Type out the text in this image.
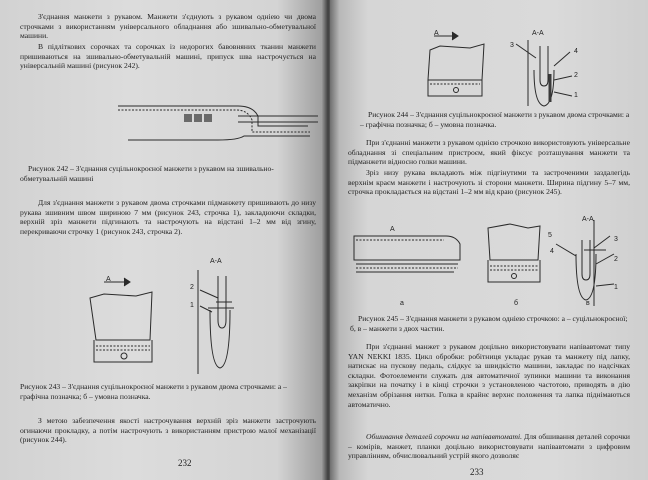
З'єднання манжети з рукавом. Манжети з'єднують з рукавом одніею чи двома строчками з використанням універсального обладнання або зшивально-обметувальної машини.
В підліткових сорочках та сорочках із недорогих бавовняних тканин манжети пришиваються на зшивально-обметувальній машині, припуск шва настрочується на універсальній машині (рисунок 242).
Рисунок 242 – З'єднання суцільнокроєної манжети з рукавом на зшивально-обметувальній машині
Для з'єднання манжети з рукавом двома строчками підманжету пришивають до низу рукава зшивним швом шириною 7 мм (рисунок 243, строчка 1), закладюючи складки, верхній зріз манжети підгинають та настрочують на відстані 1–2 мм від згину, перекриваючи строчку 1 (рисунок 243, строчка 2).
A
A-A
2
1
Рисунок 243 – З'єднання суцільнокроєної манжети з рукавом двома строчками: а – графічна позначка; б – умовна позначка.
З метою забезпечення якості настрочування верхній зріз манжети застрочують огинаючи прокладку, а потім настрочують з використанням пристрою малої механізації (рисунок 244).
232
A	A-A
3
4
2
1
Рисунок 244 – З'єднання суцільнокроєної манжети з рукавом двома строчками: а – графічна позначка; б – умовна позначка.
При з'єднанні манжети з рукавом однією строчкою використовують універсальне обладнання зі спеціальним пристроєм, який фіксує розташування манжети та підманжети відносно голки машини.
Зріз низу рукава вкладають між підгінутими та застроченими заздалегідь верхнім краєм манжети і настрочують зі сторони манжети. Ширина підгину 5–7 мм, строчка прокладається на відстані 1–2 мм від краю (рисунок 245).
A
A-A
5
4
3
2
1
а	б	в
Рисунок 245 – З'єднання манжети з рукавом одніею строчкою: а – суцільнокроєної; б, в – манжети з двох частин.
При з'єднанні манжет з рукавом доцільно використовувати напівавтомат типу YAN NEKKI 1835. Цикл обробки: робітниця укладає рукав та манжету під лапку, натискає на пускову педаль, слідкує за швидкістю машини, закладає по надсічках складки. Фотоелементи служать для автоматичної зупинки машини та виконання закріпки на початку і в кінці строчки з установленою частотою, приводять в дію механізм обрізання нитки. Голка в крайнє верхнє положення та лапка піднімаються автоматично.
Обшивання деталей сорочки на напівавтоматі. Для обшивання деталей сорочки – комірів, манжет, планки доцільно використовувати напівавтомати з цифровим управлінням, обчислювальний устрій якого дозволяє
233
